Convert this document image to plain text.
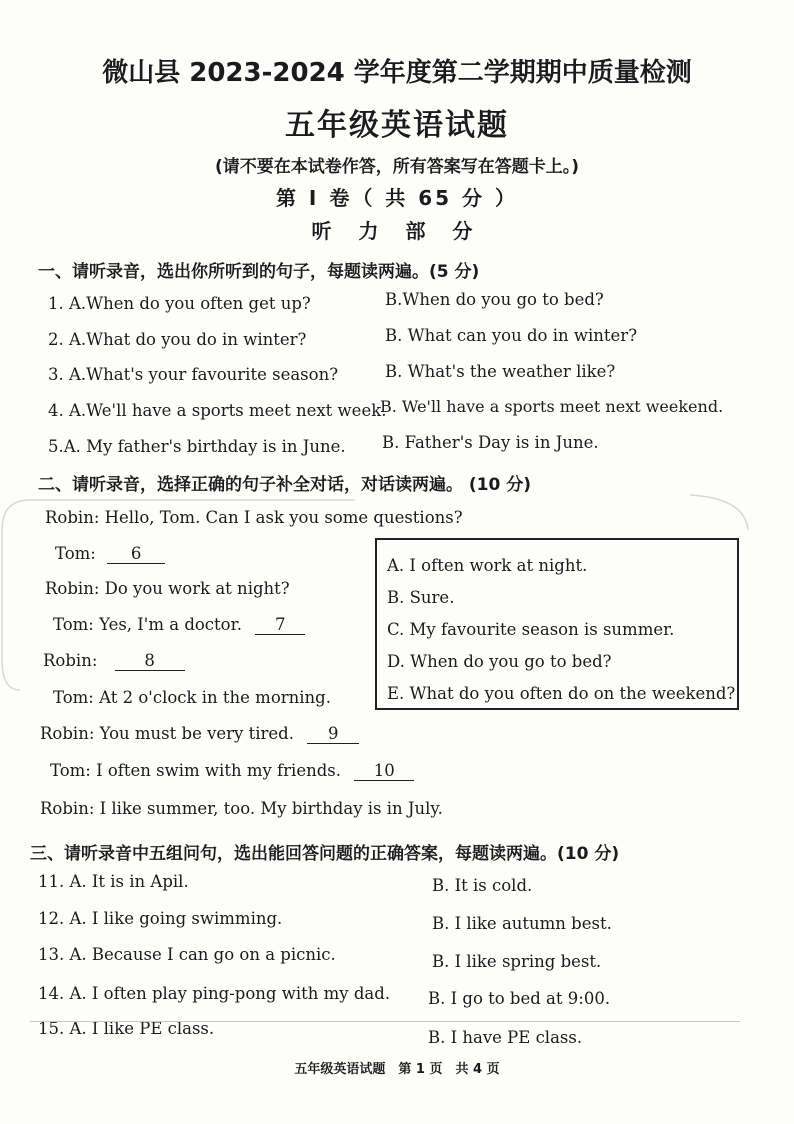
微山县 2023-2024 学年度第二学期期中质量检测
五年级英语试题
(请不要在本试卷作答，所有答案写在答题卡上。)
第 I 卷（ 共 65 分 ）
听 力 部 分
一、请听录音，选出你所听到的句子，每题读两遍。(5 分)
1. A.When do you often get up?	B.When do you go to bed?
2. A.What do you do in winter?	B. What can you do in winter?
3. A.What's your favourite season?	B. What's the weather like?
4. A.We'll have a sports meet next week.
B. We'll have a sports meet next weekend.
5.A. My father's birthday is in June. B. Father's Day is in June.
二、请听录音，选择正确的句子补全对话，对话读两遍。 (10 分)
Robin: Hello, Tom. Can I ask you some questions?
Tom: 6
Robin: Do you work at night?
Tom: Yes, I'm a doctor. 7
Robin:	8
Tom: At 2 o'clock in the morning.
Robin: You must be very tired. 9
Tom: I often swim with my friends. 10
Robin: I like summer, too. My birthday is in July.
A. I often work at night.
B. Sure.
C. My favourite season is summer.
D. When do you go to bed?
E. What do you often do on the weekend?
三、请听录音中五组问句，选出能回答问题的正确答案，每题读两遍。(10 分)
11. A. It is in Apil.	B. It is cold.
12. A. I like going swimming.	B. I like autumn best.
13. A. Because I can go on a picnic.	B. I like spring best.
14. A. I often play ping-pong with my dad. B. I go to bed at 9:00.
15. A. I like PE class.	B. I have PE class.
五年级英语试题　第 1 页　共 4 页
